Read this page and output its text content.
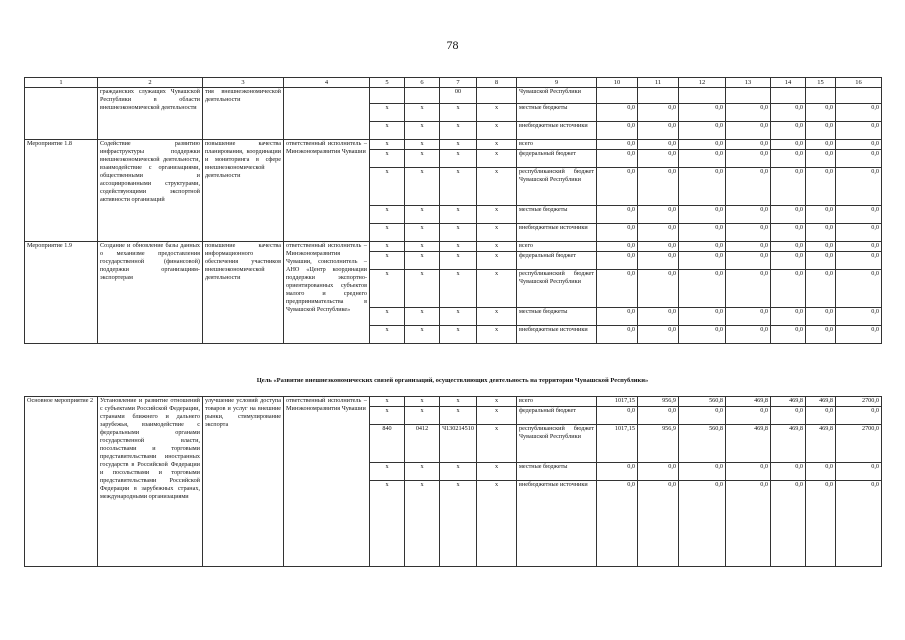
78
1	2	3	4	5	6	7	8	9	10	11	12	13	14	15	16
	гражданских служащих Чувашской Республики в области внешнеэкономической деятельности	тия внешнеэкономической деятельности				00		Чувашской Республики							
				х	х	х	х	местные бюджеты	0,0	0,0	0,0	0,0	0,0	0,0	0,0
				х	х	х	х	внебюджетные источники	0,0	0,0	0,0	0,0	0,0	0,0	0,0
Мероприятие 1.8	Содействие развитию инфраструктуры поддержки внешнеэкономической деятельности, взаимодействие с организациями, общественными и ассоциированными структурами, содействующими экспортной активности организаций	повышение качества планирования, координации и мониторинга в сфере внешнеэкономической деятельности	ответственный исполнитель – Минэкономразвития Чувашии	х	х	х	х	всего	0,0	0,0	0,0	0,0	0,0	0,0	0,0
				х	х	х	х	федеральный бюджет	0,0	0,0	0,0	0,0	0,0	0,0	0,0
				х	х	х	х	республиканский бюджет Чувашской Республики	0,0	0,0	0,0	0,0	0,0	0,0	0,0
				х	х	х	х	местные бюджеты	0,0	0,0	0,0	0,0	0,0	0,0	0,0
				х	х	х	х	внебюджетные источники	0,0	0,0	0,0	0,0	0,0	0,0	0,0
Мероприятие 1.9	Создание и обновление базы данных о механизме предоставления государственной (финансовой) поддержки организациям-экспортерам	повышение качества информационного обеспечения участников внешнеэкономической деятельности	ответственный исполнитель – Минэкономразвития Чувашии, соисполнитель – АНО «Центр координации поддержки экспортно-ориентированных субъектов малого и среднего предпринимательства в Чувашской Республике»	х	х	х	х	всего	0,0	0,0	0,0	0,0	0,0	0,0	0,0
				х	х	х	х	федеральный бюджет	0,0	0,0	0,0	0,0	0,0	0,0	0,0
				х	х	х	х	республиканский бюджет Чувашской Республики	0,0	0,0	0,0	0,0	0,0	0,0	0,0
				х	х	х	х	местные бюджеты	0,0	0,0	0,0	0,0	0,0	0,0	0,0
				х	х	х	х	внебюджетные источники	0,0	0,0	0,0	0,0	0,0	0,0	0,0
Цель «Развитие внешнеэкономических связей организаций, осуществляющих деятельность на территории Чувашской Республики»
Основное мероприятие 2	Установление и развитие отношений с субъектами Российской Федерации, странами ближнего и дальнего зарубежья, взаимодействие с федеральными органами государственной власти, посольствами и торговыми представительствами иностранных государств в Российской Федерации и посольствами и торговыми представительствами Российской Федерации в зарубежных странах, международными организациями	улучшение условий доступа товаров и услуг на внешние рынки, стимулирование экспорта	ответственный исполнитель – Минэкономразвития Чувашии	х	х	х	х	всего	1017,15	956,9	560,8	469,8	469,8	469,8	2700,0
				х	х	х	х	федеральный бюджет	0,0	0,0	0,0	0,0	0,0	0,0	0,0
				840	0412	Ч130214510	х	республиканский бюджет Чувашской Республики	1017,15	956,9	560,8	469,8	469,8	469,8	2700,0
				х	х	х	х	местные бюджеты	0,0	0,0	0,0	0,0	0,0	0,0	0,0
				х	х	х	х	внебюджетные источники	0,0	0,0	0,0	0,0	0,0	0,0	0,0
